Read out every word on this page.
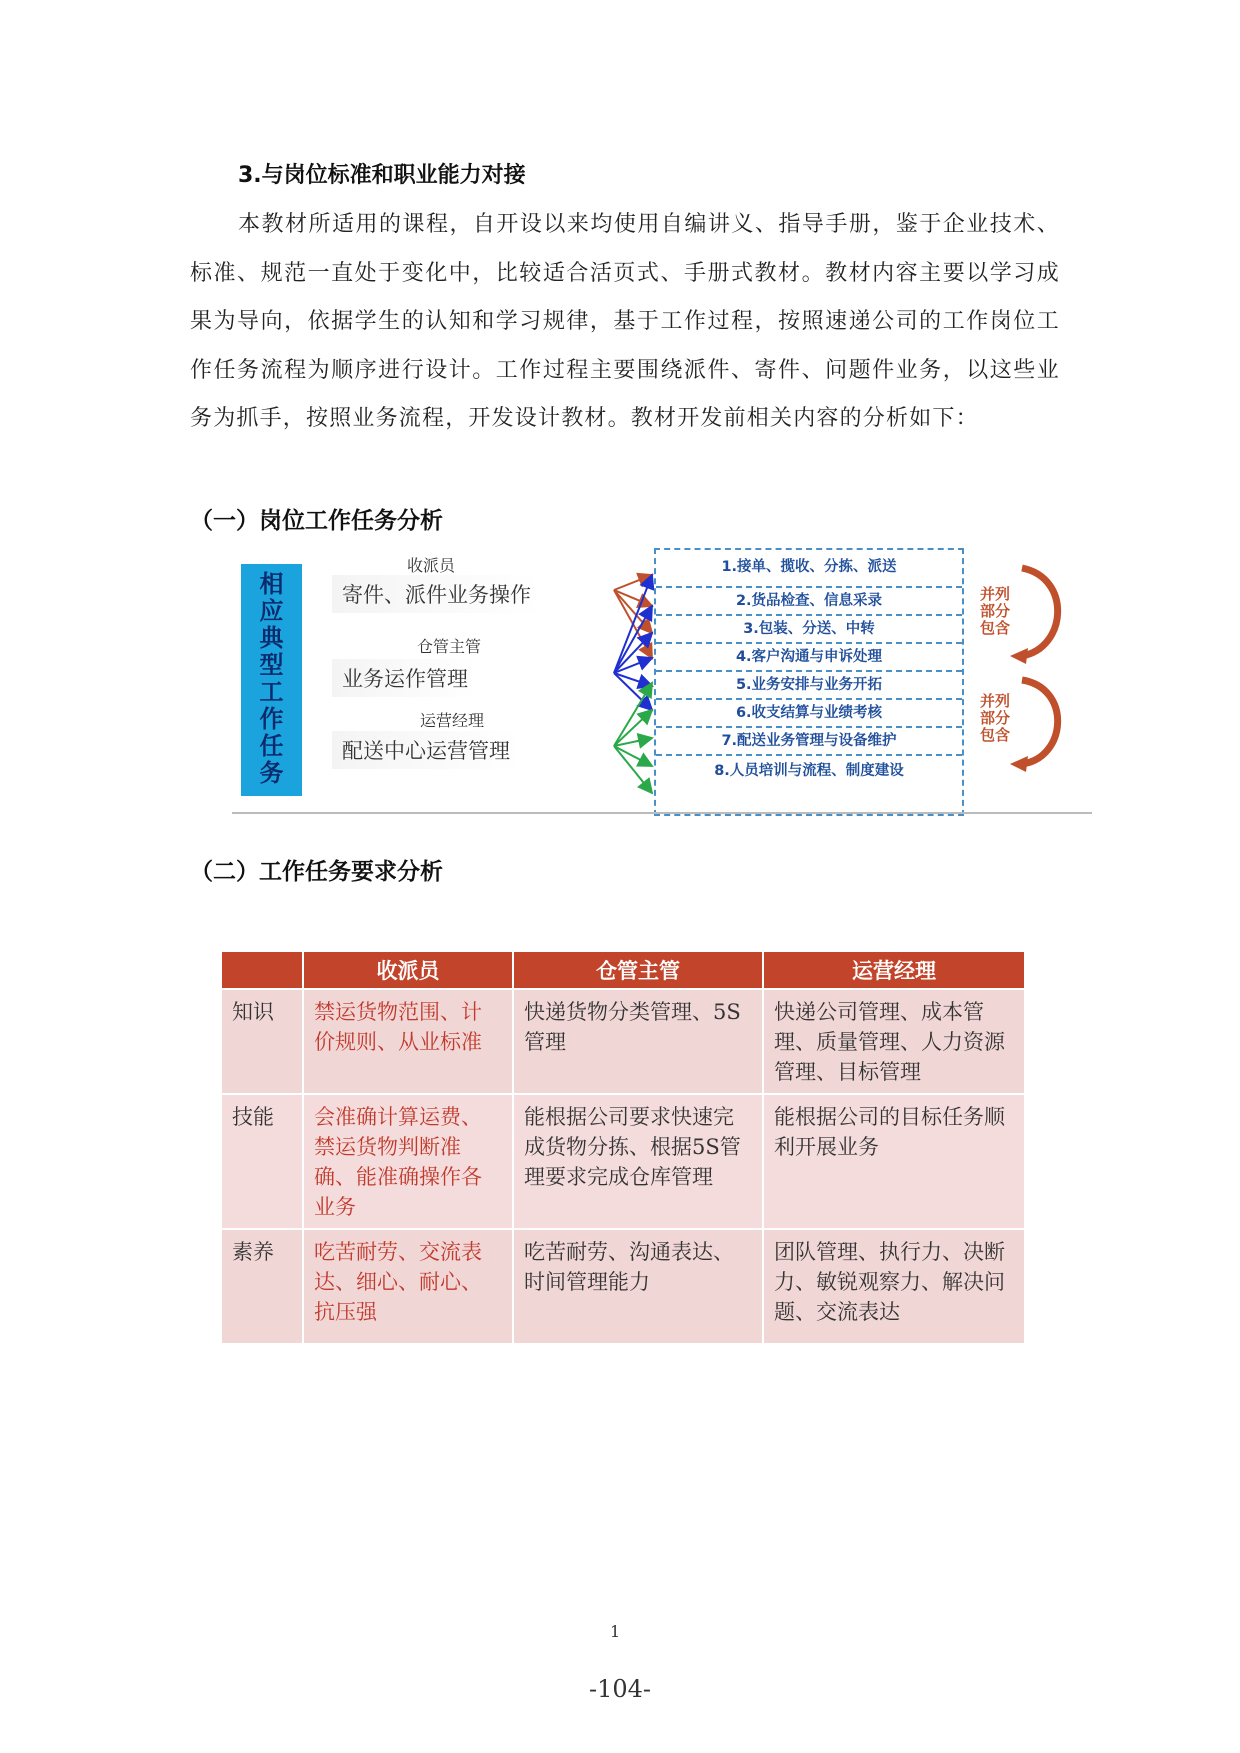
3.与岗位标准和职业能力对接
本教材所适用的课程，自开设以来均使用自编讲义、指导手册，鉴于企业技术、标准、规范一直处于变化中，比较适合活页式、手册式教材。教材内容主要以学习成果为导向，依据学生的认知和学习规律，基于工作过程，按照速递公司的工作岗位工作任务流程为顺序进行设计。工作过程主要围绕派件、寄件、问题件业务，以这些业务为抓手，按照业务流程，开发设计教材。教材开发前相关内容的分析如下：
（一）岗位工作任务分析
相
应
典
型
工
作
任
务
收派员
寄件、派件业务操作
仓管主管
业务运作管理
运营经理
配送中心运营管理
1.接单、揽收、分拣、派送
2.货品检查、信息采录
3.包装、分送、中转
4.客户沟通与申诉处理
5.业务安排与业务开拓
6.收支结算与业绩考核
7.配送业务管理与设备维护
8.人员培训与流程、制度建设
并列
部分
包含
并列
部分
包含
（二）工作任务要求分析
	收派员	仓管主管	运营经理
知识	禁运货物范围、计价规则、从业标准	快递货物分类管理、5S管理	快递公司管理、成本管理、质量管理、人力资源管理、目标管理
技能	会准确计算运费、禁运货物判断准确、能准确操作各业务	能根据公司要求快速完成货物分拣、根据5S管理要求完成仓库管理	能根据公司的目标任务顺利开展业务
素养	吃苦耐劳、交流表达、细心、耐心、抗压强	吃苦耐劳、沟通表达、时间管理能力	团队管理、执行力、决断力、敏锐观察力、解决问题、交流表达
1
-104-
